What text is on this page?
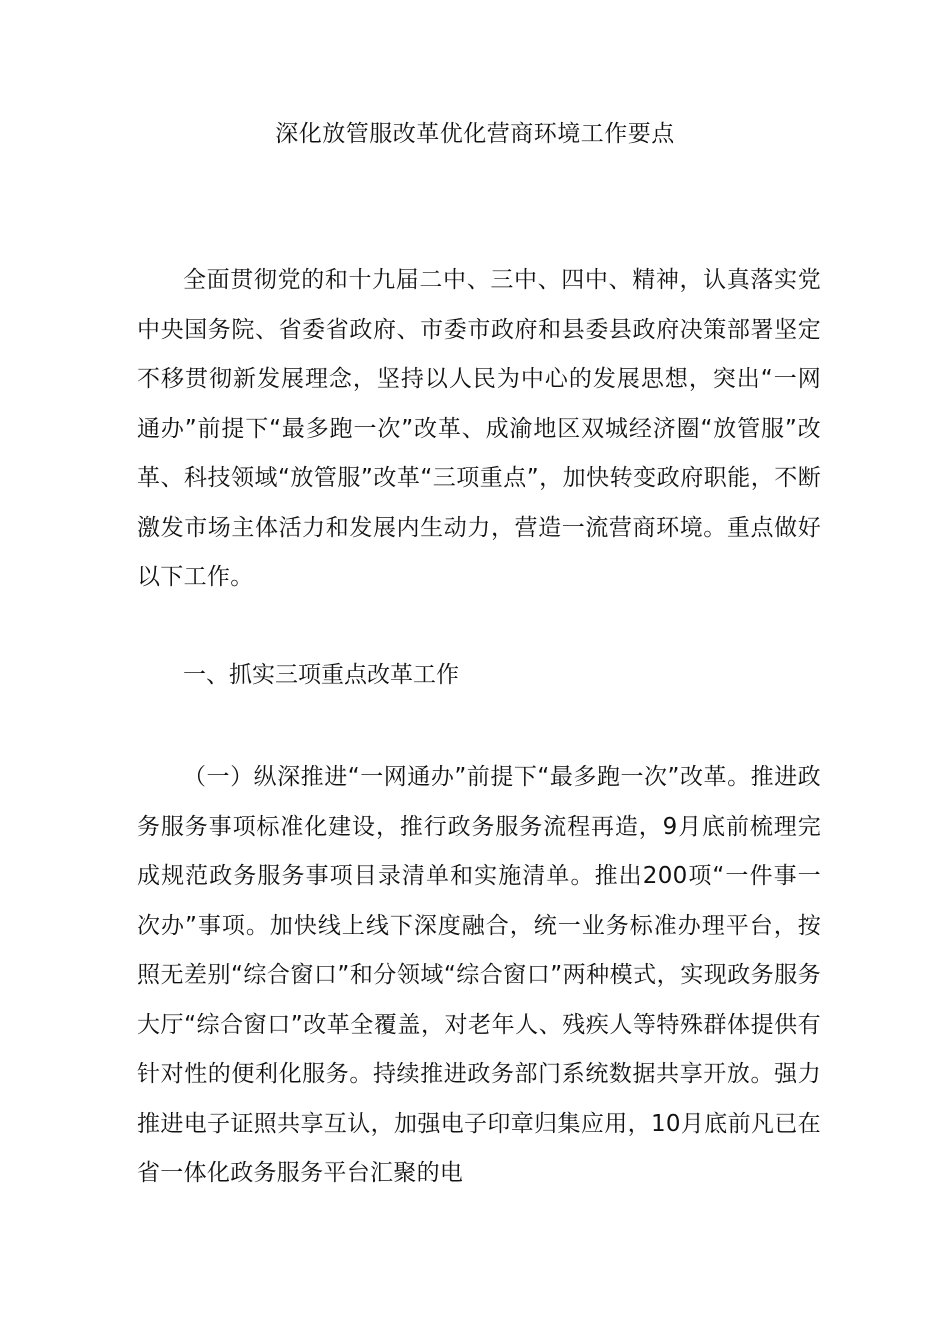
深化放管服改革优化营商环境工作要点

全面贯彻党的和十九届二中、三中、四中、精神，认真落实党中央国务院、省委省政府、市委市政府和县委县政府决策部署坚定不移贯彻新发展理念，坚持以人民为中心的发展思想，突出“一网通办”前提下“最多跑一次”改革、成渝地区双城经济圈“放管服”改革、科技领域“放管服”改革“三项重点”，加快转变政府职能，不断激发市场主体活力和发展内生动力，营造一流营商环境。重点做好以下工作。

一、抓实三项重点改革工作

（一）纵深推进“一网通办”前提下“最多跑一次”改革。推进政务服务事项标准化建设，推行政务服务流程再造，9月底前梳理完成规范政务服务事项目录清单和实施清单。推出200项“一件事一次办”事项。加快线上线下深度融合，统一业务标准办理平台，按照无差别“综合窗口”和分领域“综合窗口”两种模式，实现政务服务大厅“综合窗口”改革全覆盖，对老年人、残疾人等特殊群体提供有针对性的便利化服务。持续推进政务部门系统数据共享开放。强力推进电子证照共享互认，加强电子印章归集应用，10月底前凡已在省一体化政务服务平台汇聚的电
